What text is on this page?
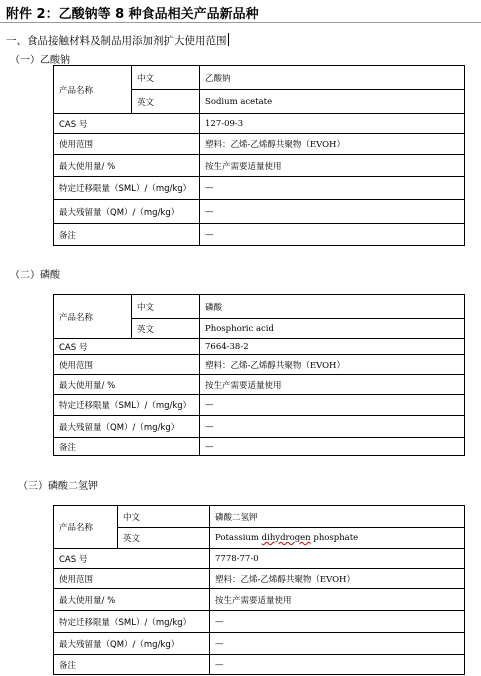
附件 2：乙酸钠等 8 种食品相关产品新品种
一、食品接触材料及制品用添加剂扩大使用范围
（一）乙酸钠
产品名称	中文	乙酸钠
	英文	Sodium acetate
CAS 号		127-09-3
使用范围		塑料：乙烯-乙烯醇共聚物（EVOH）
最大使用量/ %		按生产需要适量使用
特定迁移限量（SML）/（mg/kg）		—
最大残留量（QM）/（mg/kg）		—
备注		—
（二）磷酸
产品名称	中文	磷酸
	英文	Phosphoric acid
CAS 号		7664-38-2
使用范围		塑料：乙烯-乙烯醇共聚物（EVOH）
最大使用量/ %		按生产需要适量使用
特定迁移限量（SML）/（mg/kg）		—
最大残留量（QM）/（mg/kg）		—
备注		—
（三）磷酸二氢钾
产品名称	中文	磷酸二氢钾
	英文	Potassium dihydrogen phosphate
CAS 号		7778-77-0
使用范围		塑料：乙烯-乙烯醇共聚物（EVOH）
最大使用量/ %		按生产需要适量使用
特定迁移限量（SML）/（mg/kg）		—
最大残留量（QM）/（mg/kg）		—
备注		—
